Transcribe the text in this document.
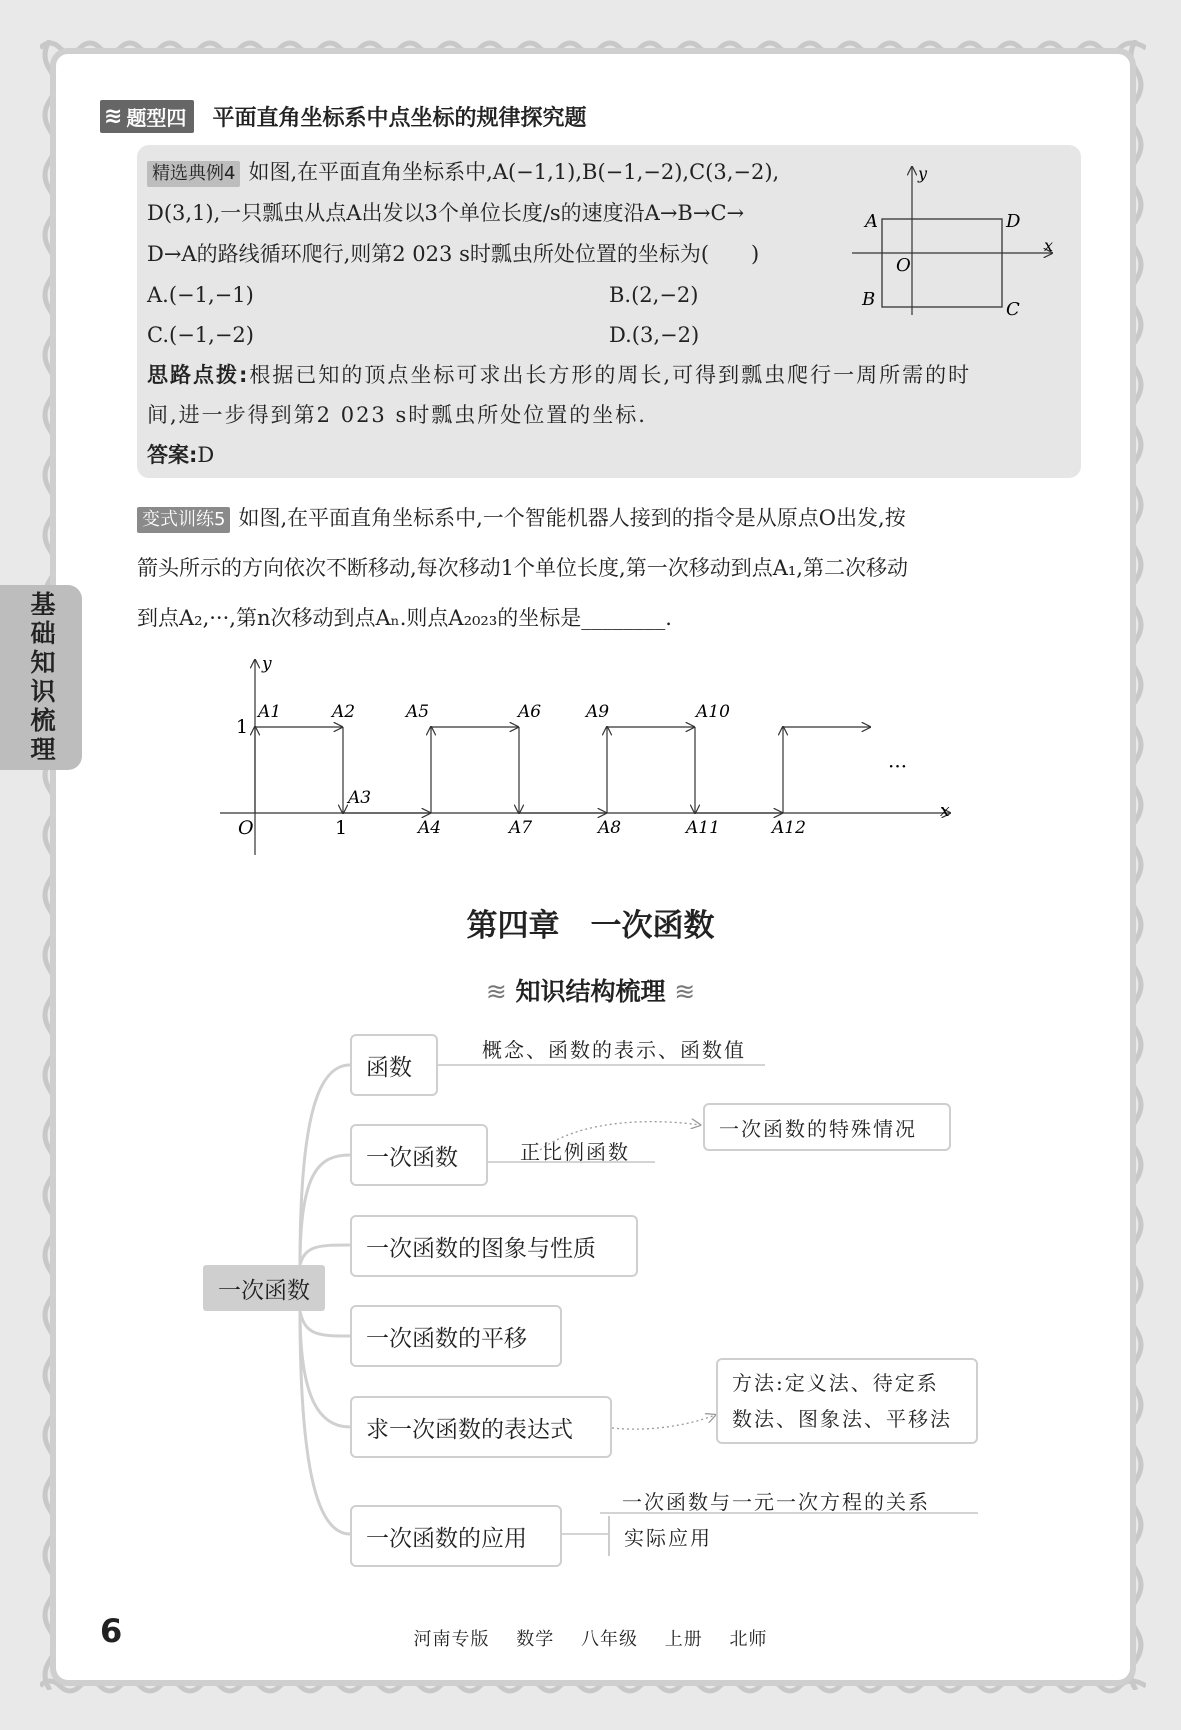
基础知识梳理
≋ 题型四 平面直角坐标系中点坐标的规律探究题
精选典例4 如图,在平面直角坐标系中,A(−1,1),B(−1,−2),C(3,−2),
D(3,1),一只瓢虫从点A出发以3个单位长度/s的速度沿A→B→C→
D→A的路线循环爬行,则第2 023 s时瓢虫所处位置的坐标为(　　)
A.(−1,−1)	B.(2,−2)
C.(−1,−2)	D.(3,−2)
思路点拨:根据已知的顶点坐标可求出长方形的周长,可得到瓢虫爬行一周所需的时
间,进一步得到第2 023 s时瓢虫所处位置的坐标.
答案:D
A	D
B	C
O
x
y
变式训练5 如图,在平面直角坐标系中,一个智能机器人接到的指令是从原点O出发,按
箭头所示的方向依次不断移动,每次移动1个单位长度,第一次移动到点A₁,第二次移动
到点A₂,···,第n次移动到点Aₙ.则点A₂₀₂₃的坐标是________.
y
x
O	1
1
···
A1	A2
A3
A4
A5	A6
A7	A8
A9	A10
A11	A12
第四章　一次函数
≋ 知识结构梳理 ≋
一次函数
函数
概念、函数的表示、函数值
一次函数	正比例函数
一次函数的特殊情况
一次函数的图象与性质
一次函数的平移
求一次函数的表达式
方法:定义法、待定系
数法、图象法、平移法
一次函数的应用
一次函数与一元一次方程的关系
实际应用
6	河南专版 数学 八年级 上册 北师
